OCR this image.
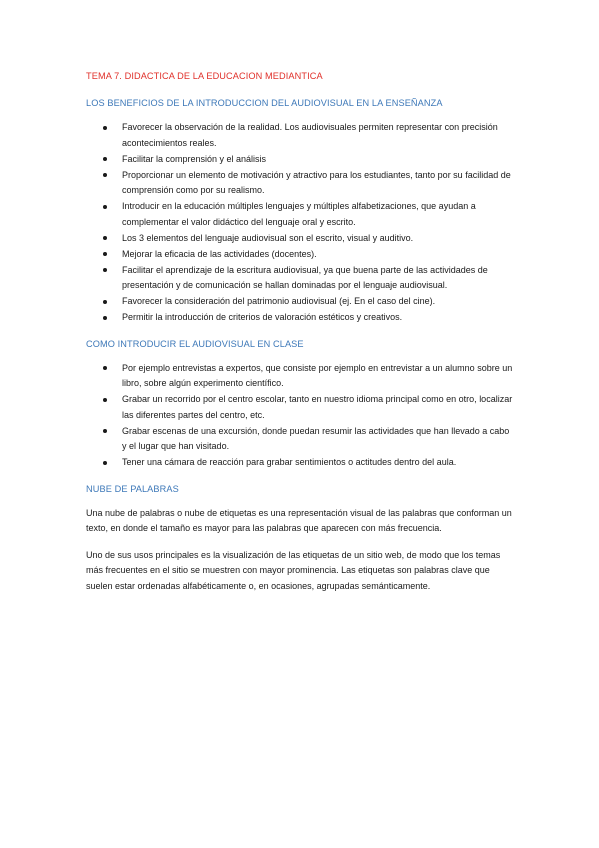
TEMA 7. DIDACTICA DE LA EDUCACION MEDIANTICA
LOS BENEFICIOS DE LA INTRODUCCION DEL AUDIOVISUAL EN LA ENSEÑANZA
Favorecer la observación de la realidad. Los audiovisuales permiten representar con precisión acontecimientos reales.
Facilitar la comprensión y el análisis
Proporcionar un elemento de motivación y atractivo para los estudiantes, tanto por su facilidad de comprensión como por su realismo.
Introducir en la educación múltiples lenguajes y múltiples alfabetizaciones, que ayudan a complementar el valor didáctico del lenguaje oral y escrito.
Los 3 elementos del lenguaje audiovisual son el escrito, visual y auditivo.
Mejorar la eficacia de las actividades (docentes).
Facilitar el aprendizaje de la escritura audiovisual, ya que buena parte de las actividades de presentación y de comunicación se hallan dominadas por el lenguaje audiovisual.
Favorecer la consideración del patrimonio audiovisual (ej. En el caso del cine).
Permitir la introducción de criterios de valoración estéticos y creativos.
COMO INTRODUCIR EL AUDIOVISUAL EN CLASE
Por ejemplo entrevistas a expertos, que consiste por ejemplo en entrevistar a un alumno sobre un libro, sobre algún experimento científico.
Grabar un recorrido por el centro escolar, tanto en nuestro idioma principal como en otro, localizar las diferentes partes del centro, etc.
Grabar escenas de una excursión, donde puedan resumir las actividades que han llevado a cabo y el lugar que han visitado.
Tener una cámara de reacción para grabar sentimientos o actitudes dentro del aula.
NUBE DE PALABRAS

Una nube de palabras o nube de etiquetas es una representación visual de las palabras que conforman un texto, en donde el tamaño es mayor para las palabras que aparecen con más frecuencia.

Uno de sus usos principales es la visualización de las etiquetas de un sitio web, de modo que los temas más frecuentes en el sitio se muestren con mayor prominencia. Las etiquetas son palabras clave que suelen estar ordenadas alfabéticamente o, en ocasiones, agrupadas semánticamente.
